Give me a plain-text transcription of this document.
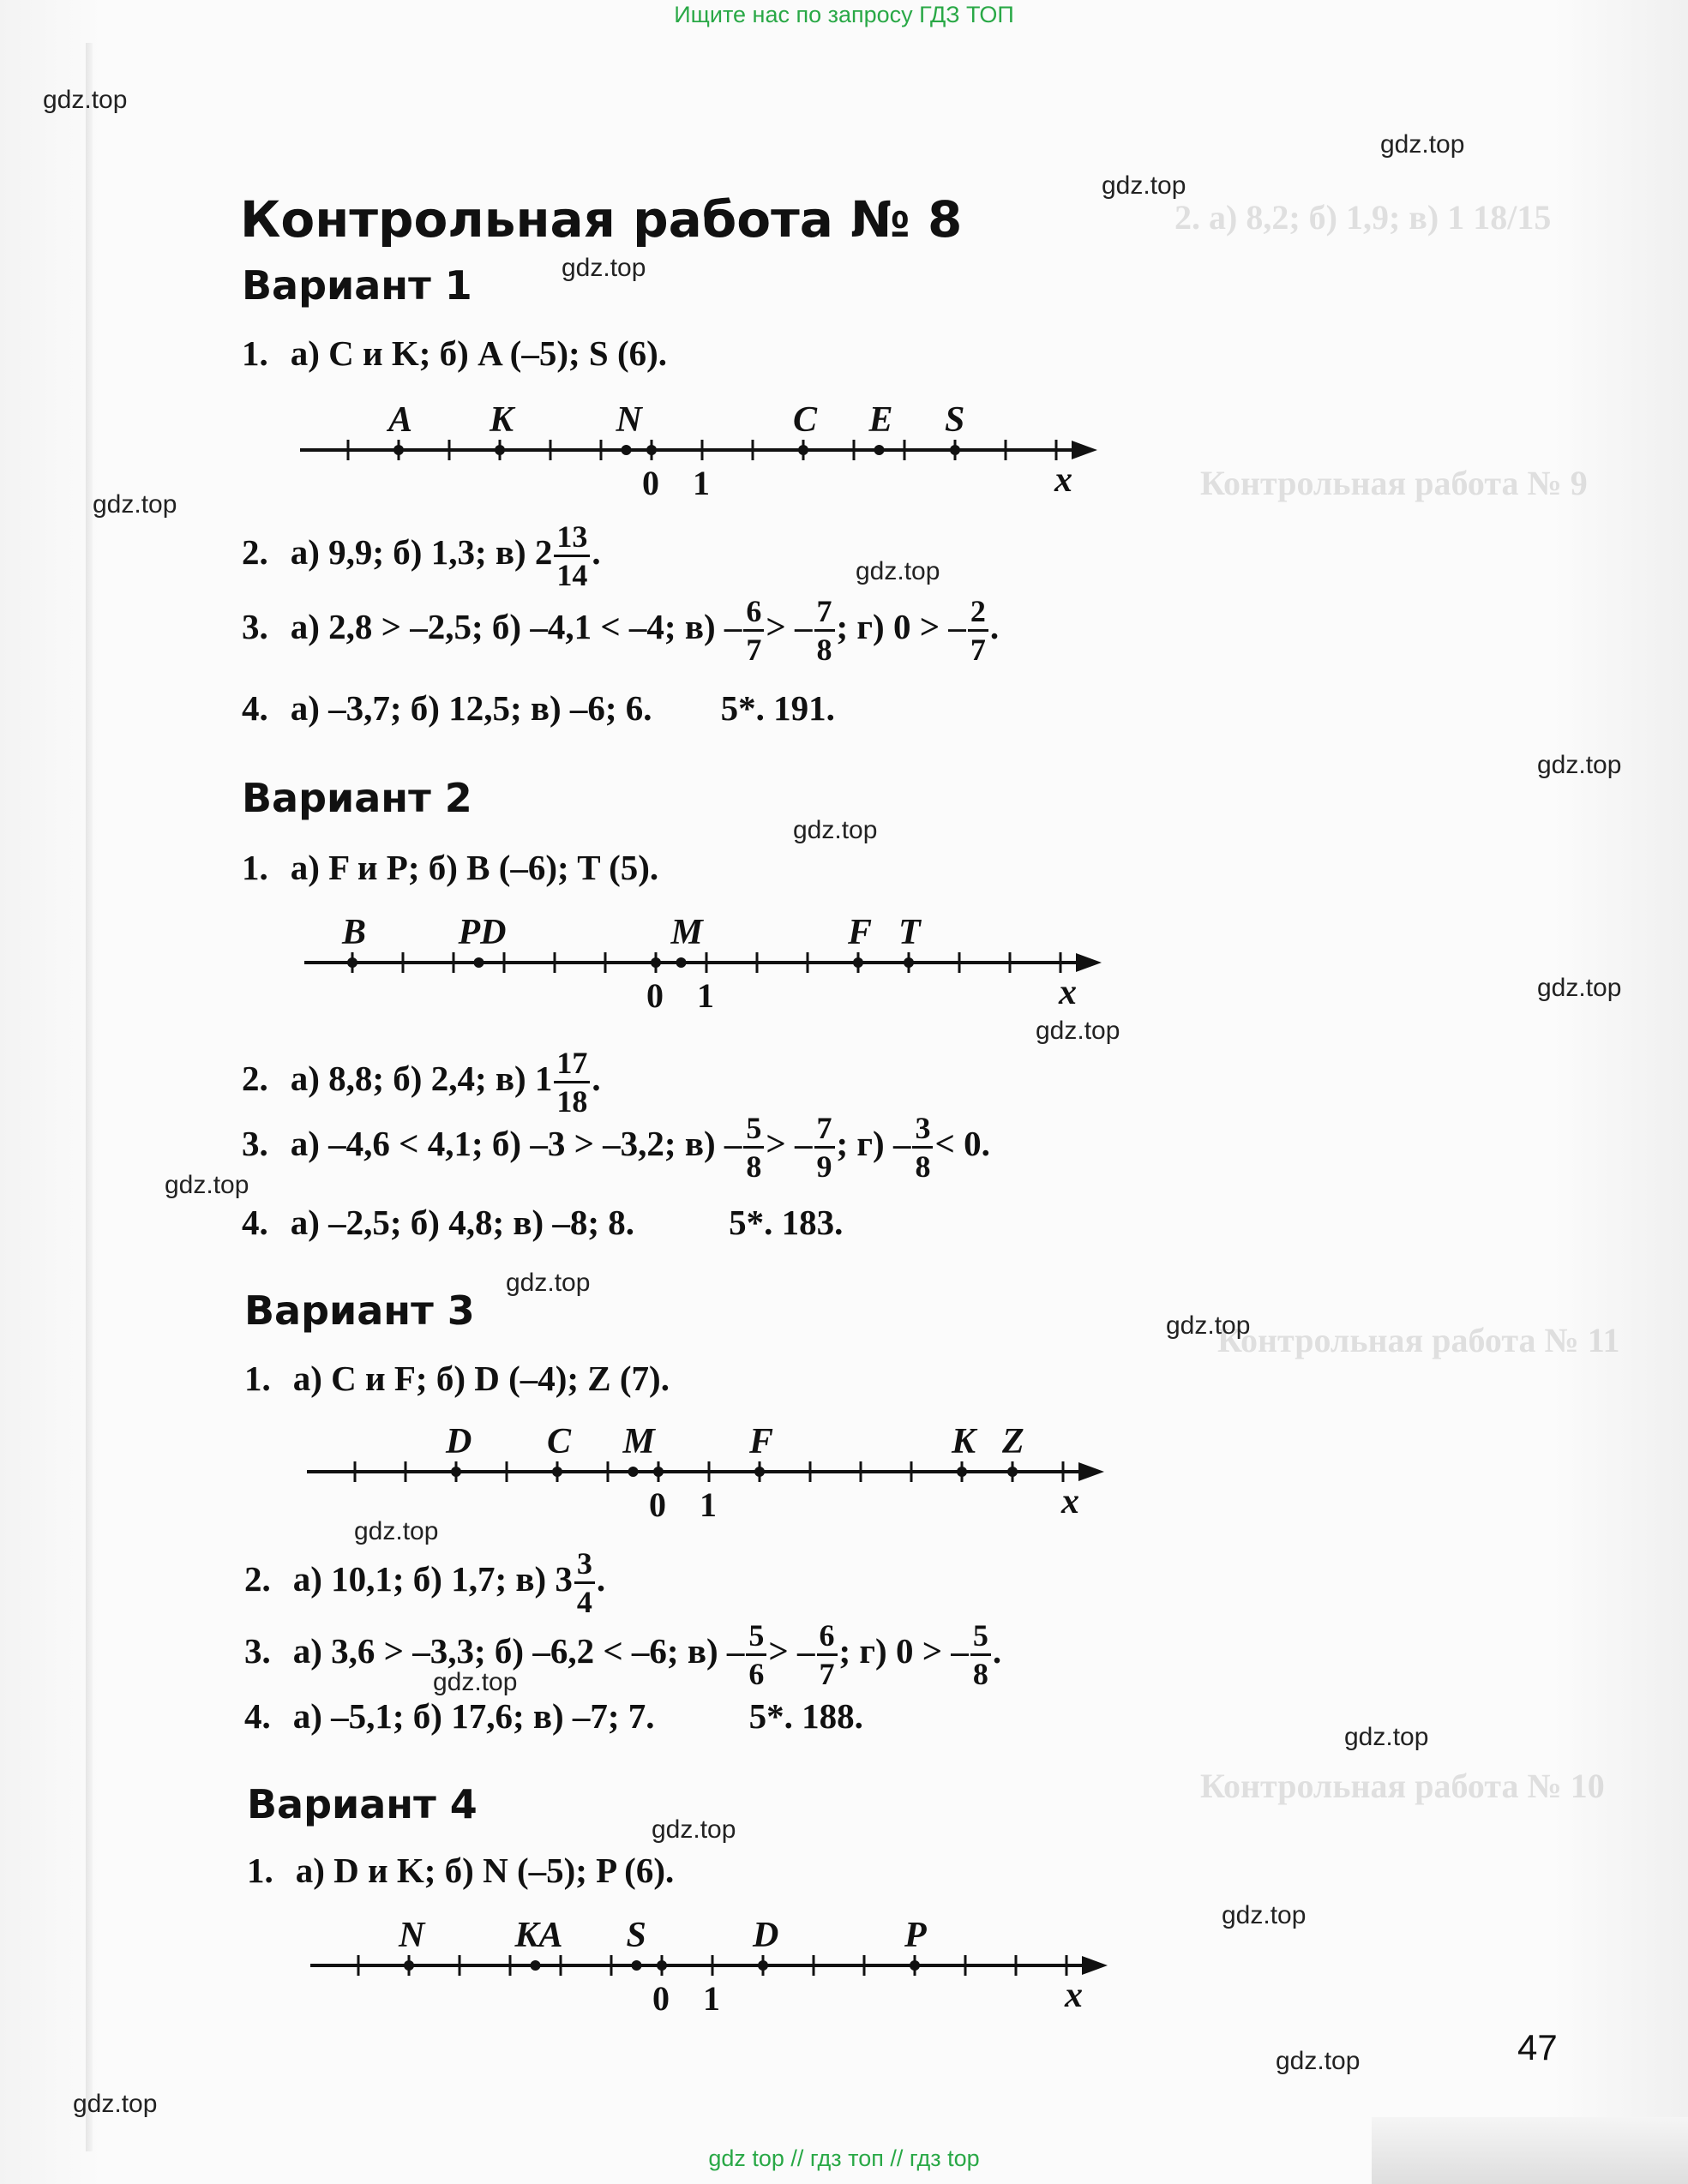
2. а) 8,2; б) 1,9; в) 1 18/15
Контрольная работа № 9
Контрольная работа № 11
Контрольная работа № 10
Ищите нас по запросу ГДЗ ТОП
gdz top // гдз топ // гдз top
gdz.top
gdz.top
gdz.top
gdz.top
gdz.top
gdz.top
gdz.top
gdz.top
gdz.top
gdz.top
gdz.top
gdz.top
gdz.top
gdz.top
gdz.top
gdz.top
gdz.top
gdz.top
gdz.top
gdz.top
Контрольная работа № 8
Вариант 1
1. а) C и K; б) A (–5); S (6).
A K	N	C E S
0 1	x
2. а) 9,9; б) 1,3; в) $2 \frac{13}{14}$ .
3. а) 2,8 > –2,5; б) –4,1 < –4; $в) - \frac{6}{7}$ > – $\frac{7}{8}$ ; г) 0 > – $\frac{2}{7}$ .
4. а) –3,7; б) 12,5; в) –6; 6. 5*. 191.
Вариант 2
1. а) F и P; б) B (–6); T (5).
B	PD	M	F T
0 1	x
2. а) 8,8; б) 2,4; в) $1 \frac{17}{18}$ .
3. а) –4,6 < 4,1; б) –3 > –3,2; $в) - \frac{5}{8}$ > – $\frac{7}{9}$ ; $г) - \frac{3}{8} < 0$.
4. а) –2,5; б) 4,8; в) –8; 8.	5*. 183.
Вариант 3
1. а) C и F; б) D (–4); Z (7).
D C M	F	K Z
0 1	x
2. а) 10,1; б) 1,7; в) $3 \frac{3}{4}$ .
3. а) 3,6 > –3,3; б) –6,2 < –6; $в) - \frac{5}{6}$ > – $\frac{6}{7}$ ; г) 0 > – $\frac{5}{8}$ .
4. а) –5,1; б) 17,6; в) –7; 7.	5*. 188.
Вариант 4
1. а) D и K; б) N (–5); P (6).
N	KA S	D	P
0 1	x
47
